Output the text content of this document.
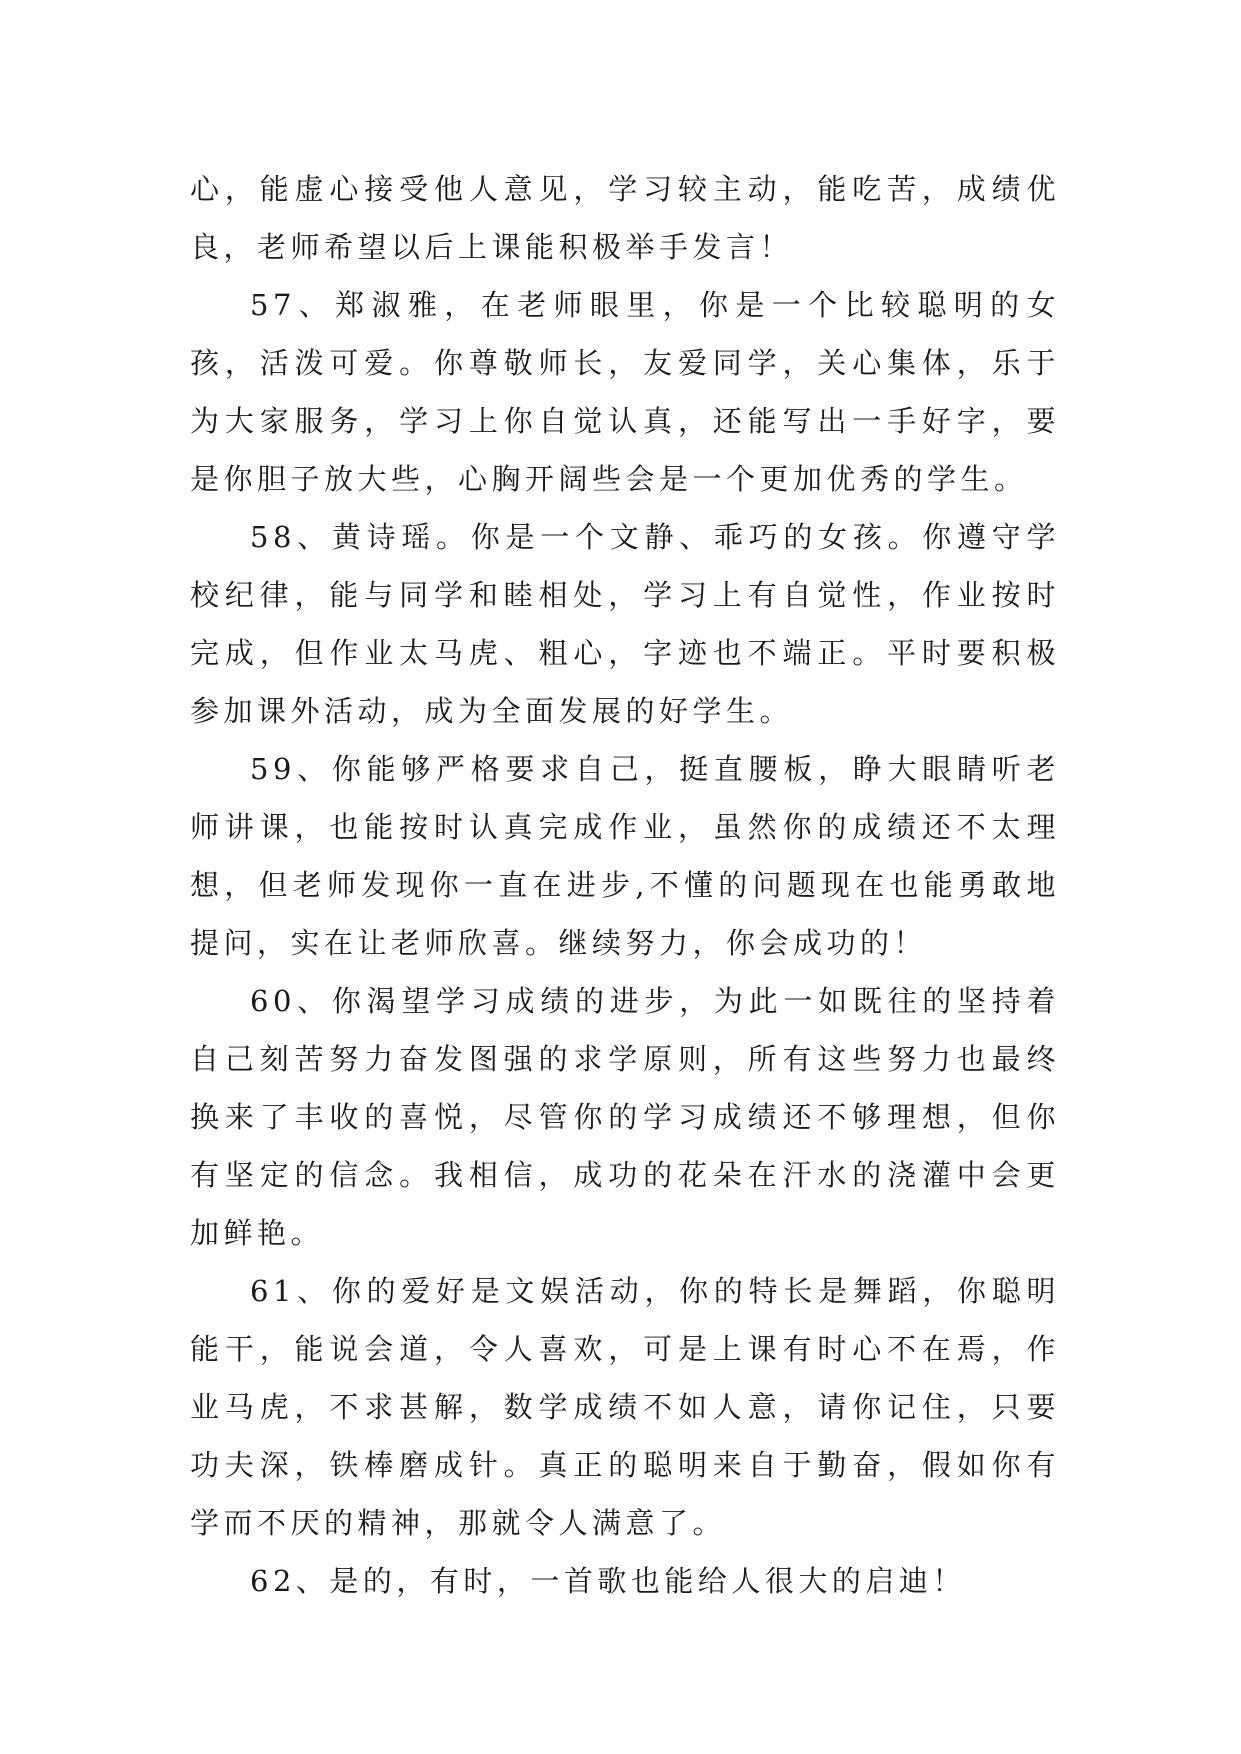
心，能虚心接受他人意见，学习较主动，能吃苦，成绩优良，老师希望以后上课能积极举手发言！

57、郑淑雅，在老师眼里，你是一个比较聪明的女孩，活泼可爱。你尊敬师长，友爱同学，关心集体，乐于为大家服务，学习上你自觉认真，还能写出一手好字，要是你胆子放大些，心胸开阔些会是一个更加优秀的学生。

58、黄诗瑶。你是一个文静、乖巧的女孩。你遵守学校纪律，能与同学和睦相处，学习上有自觉性，作业按时完成，但作业太马虎、粗心，字迹也不端正。平时要积极参加课外活动，成为全面发展的好学生。

59、你能够严格要求自己，挺直腰板，睁大眼睛听老师讲课，也能按时认真完成作业，虽然你的成绩还不太理想，但老师发现你一直在进步,不懂的问题现在也能勇敢地提问，实在让老师欣喜。继续努力，你会成功的！

60、你渴望学习成绩的进步，为此一如既往的坚持着自己刻苦努力奋发图强的求学原则，所有这些努力也最终换来了丰收的喜悦，尽管你的学习成绩还不够理想，但你有坚定的信念。我相信，成功的花朵在汗水的浇灌中会更加鲜艳。

61、你的爱好是文娱活动，你的特长是舞蹈，你聪明能干，能说会道，令人喜欢，可是上课有时心不在焉，作业马虎，不求甚解，数学成绩不如人意，请你记住，只要功夫深，铁棒磨成针。真正的聪明来自于勤奋，假如你有学而不厌的精神，那就令人满意了。

62、是的，有时，一首歌也能给人很大的启迪！
